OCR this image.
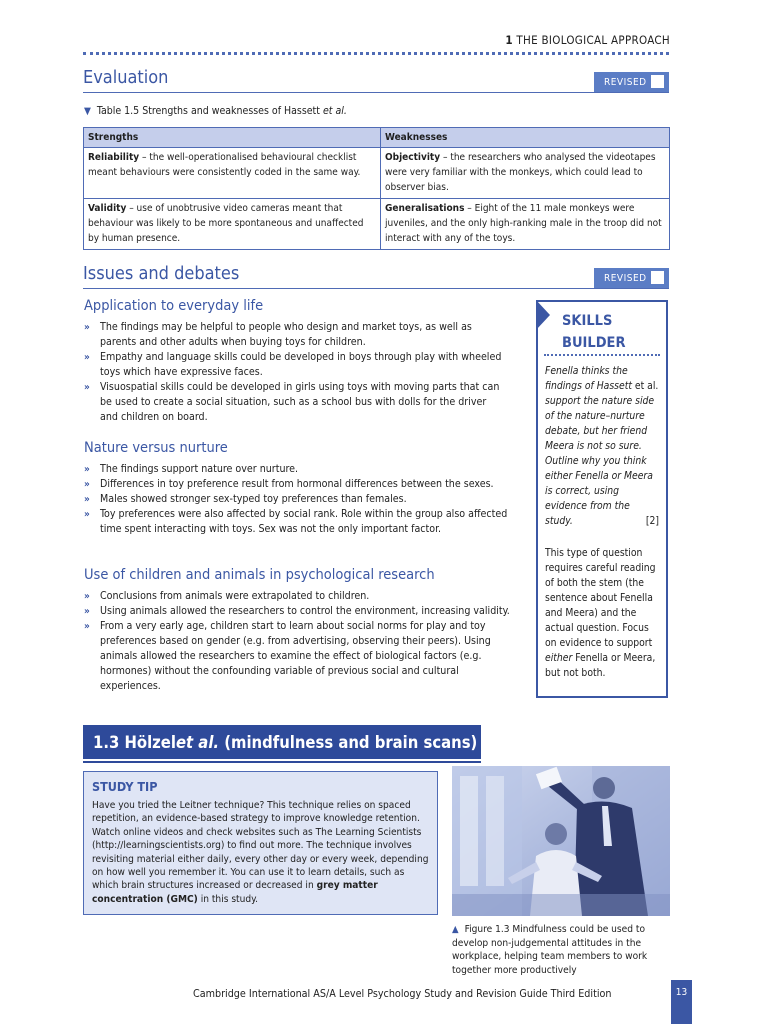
1 THE BIOLOGICAL APPROACH
Evaluation	REVISED
▼ Table 1.5 Strengths and weaknesses of Hassett et al.
Strengths	Weaknesses
Reliability – the well-operationalised behavioural checklist meant behaviours were consistently coded in the same way.	Objectivity – the researchers who analysed the videotapes were very familiar with the monkeys, which could lead to observer bias.
Validity – use of unobtrusive video cameras meant that behaviour was likely to be more spontaneous and unaffected by human presence.	Generalisations – Eight of the 11 male monkeys were juveniles, and the only high-ranking male in the troop did not interact with any of the toys.
Issues and debates	REVISED
Application to everyday life
» The findings may be helpful to people who design and market toys, as well as parents and other adults when buying toys for children.
» Empathy and language skills could be developed in boys through play with wheeled toys which have expressive faces.
» Visuospatial skills could be developed in girls using toys with moving parts that can be used to create a social situation, such as a school bus with dolls for the driver and children on board.
Nature versus nurture
» The findings support nature over nurture.
» Differences in toy preference result from hormonal differences between the sexes.
» Males showed stronger sex-typed toy preferences than females.
» Toy preferences were also affected by social rank. Role within the group also affected time spent interacting with toys. Sex was not the only important factor.
Use of children and animals in psychological research
» Conclusions from animals were extrapolated to children.
» Using animals allowed the researchers to control the environment, increasing validity.
» From a very early age, children start to learn about social norms for play and toy preferences based on gender (e.g. from advertising, observing their peers). Using animals allowed the researchers to examine the effect of biological factors (e.g. hormones) without the confounding variable of previous social and cultural experiences.
SKILLS
BUILDER
Fenella thinks the findings of Hassett et al. support the nature side of the nature–nurture debate, but her friend Meera is not so sure. Outline why you think either Fenella or Meera is correct, using evidence from the study.	[2]
This type of question requires careful reading of both the stem (the sentence about Fenella and Meera) and the actual question. Focus on evidence to support either Fenella or Meera, but not both.
1.3 Hölzel et al. (mindfulness and brain scans)
STUDY TIP
Have you tried the Leitner technique? This technique relies on spaced repetition, an evidence-based strategy to improve knowledge retention. Watch online videos and check websites such as The Learning Scientists (http://learningscientists.org) to find out more. The technique involves revisiting material either daily, every other day or every week, depending on how well you remember it. You can use it to learn details, such as which brain structures increased or decreased in grey matter concentration (GMC) in this study.
▲ Figure 1.3 Mindfulness could be used to develop non-judgemental attitudes in the workplace, helping team members to work together more productively
Cambridge International AS/A Level Psychology Study and Revision Guide Third Edition	13
